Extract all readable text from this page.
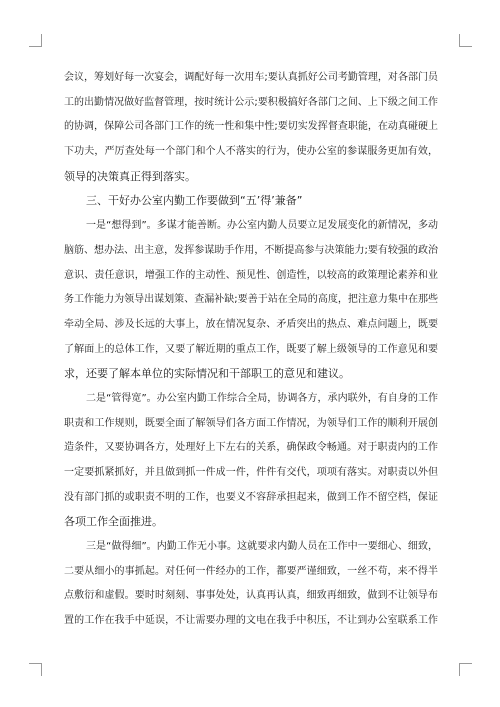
会议，筹划好每一次宴会，调配好每一次用车;要认真抓好公司考勤管理，对各部门员
工的出勤情况做好监督管理，按时统计公示;要积极搞好各部门之间、上下级之间工作
的协调，保障公司各部门工作的统一性和集中性;要切实发挥督查职能，在动真碰硬上
下功夫，严厉查处每一个部门和个人不落实的行为，使办公室的参谋服务更加有效，
领导的决策真正得到落实。
三、干好办公室内勤工作要做到“五’得’兼备”
一是“想得到”。多谋才能善断。办公室内勤人员要立足发展变化的新情况，多动
脑筋、想办法、出主意，发挥参谋助手作用，不断提高参与决策能力;要有较强的政治
意识、责任意识，增强工作的主动性、预见性、创造性，以较高的政策理论素养和业
务工作能力为领导出谋划策、查漏补缺;要善于站在全局的高度，把注意力集中在那些
牵动全局、涉及长远的大事上，放在情况复杂、矛盾突出的热点、难点问题上，既要
了解面上的总体工作，又要了解近期的重点工作，既要了解上级领导的工作意见和要
求，还要了解本单位的实际情况和干部职工的意见和建议。
二是“管得宽”。办公室内勤工作综合全局，协调各方，承内联外，有自身的工作
职责和工作规则，既要全面了解领导们各方面工作情况，为领导们工作的顺利开展创
造条件，又要协调各方，处理好上下左右的关系，确保政令畅通。对于职责内的工作
一定要抓紧抓好，并且做到抓一件成一件，件件有交代，项项有落实。对职责以外但
没有部门抓的或职责不明的工作，也要义不容辞承担起来，做到工作不留空档，保证
各项工作全面推进。
三是“做得细”。内勤工作无小事。这就要求内勤人员在工作中一要细心、细致，
二要从细小的事抓起。对任何一件经办的工作，都要严谨细致，一丝不苟，来不得半
点敷衍和虚假。要时时刻刻、事事处处，认真再认真，细致再细致，做到不让领导布
置的工作在我手中延误，不让需要办理的文电在我手中积压，不让到办公室联系工作
